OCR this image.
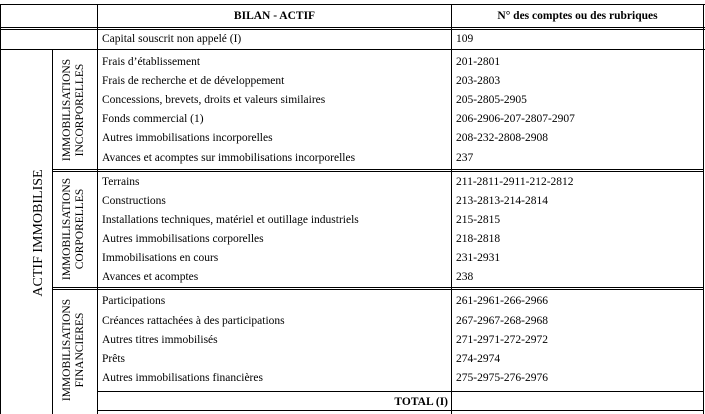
BILAN - ACTIF	N° des comptes ou des rubriques
Capital souscrit non appelé (I)	109
ACTIF IMMOBILISE
IMMOBILISATIONS INCORPORELLES
IMMOBILISATIONS CORPORELLES
IMMOBILISATIONS FINANCIERES
Frais d’établissement	201-2801
Frais de recherche et de développement	203-2803
Concessions, brevets, droits et valeurs similaires	205-2805-2905
Fonds commercial (1)	206-2906-207-2807-2907
Autres immobilisations incorporelles	208-232-2808-2908
Avances et acomptes sur immobilisations incorporelles	237
Terrains	211-2811-2911-212-2812
Constructions	213-2813-214-2814
Installations techniques, matériel et outillage industriels	215-2815
Autres immobilisations corporelles	218-2818
Immobilisations en cours	231-2931
Avances et acomptes	238
Participations	261-2961-266-2966
Créances rattachées à des participations	267-2967-268-2968
Autres titres immobilisés	271-2971-272-2972
Prêts	274-2974
Autres immobilisations financières	275-2975-276-2976
TOTAL (I)
